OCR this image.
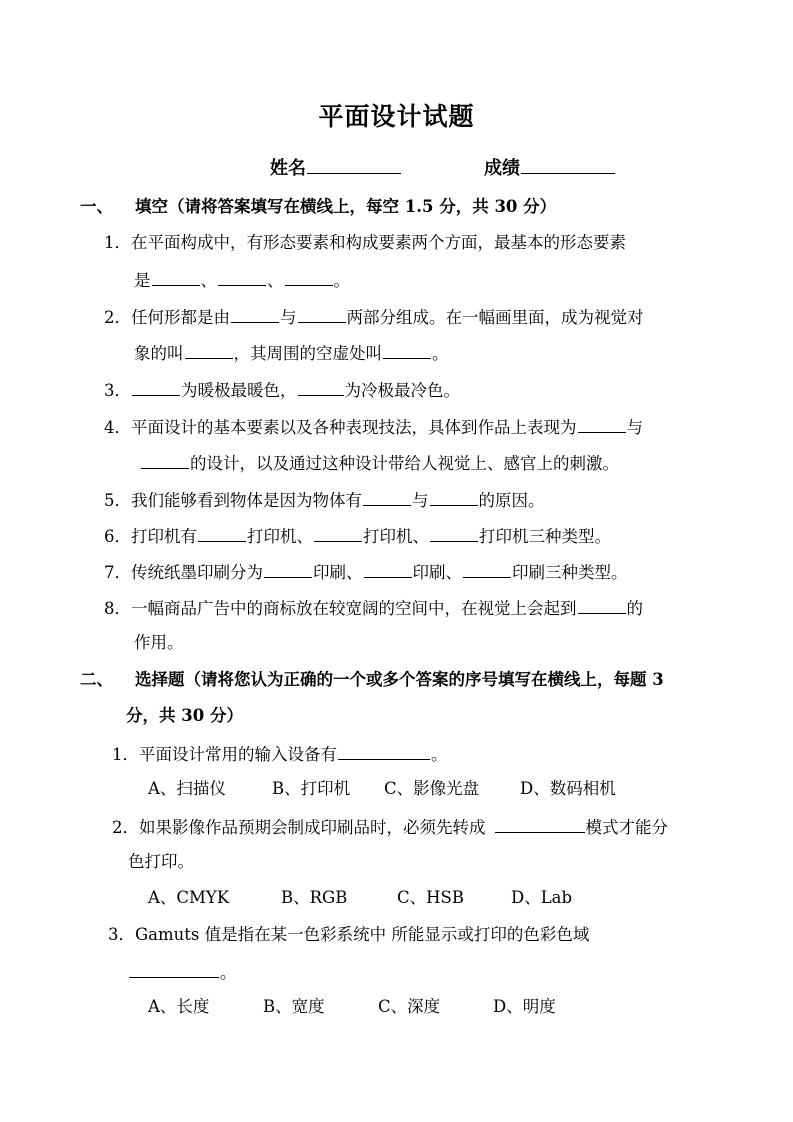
平面设计试题
姓名	成绩
一、 填空（请将答案填写在横线上，每空 1.5 分，共 30 分）
1．在平面构成中，有形态要素和构成要素两个方面，最基本的形态要素
是	、	、	。
2．任何形都是由	与	两部分组成。在一幅画里面，成为视觉对
象的叫	，其周围的空虚处叫	。
3．	为暖极最暖色，	为冷极最冷色。
4．平面设计的基本要素以及各种表现技法，具体到作品上表现为	与
的设计，以及通过这种设计带给人视觉上、感官上的刺激。
5．我们能够看到物体是因为物体有	与	的原因。
6．打印机有	打印机、	打印机、	打印机三种类型。
7．传统纸墨印刷分为	印刷、	印刷、	印刷三种类型。
8．一幅商品广告中的商标放在较宽阔的空间中，在视觉上会起到	的
作用。
二、 选择题（请将您认为正确的一个或多个答案的序号填写在横线上，每题 3
分，共 30 分）
1．平面设计常用的输入设备有	。
A、扫描仪	B、打印机 C、影像光盘 D、数码相机
2．如果影像作品预期会制成印刷品时，必须先转成	模式才能分
色打印。
A、CMYK	B、RGB	C、HSB	D、Lab
3．Gamuts 值是指在某一色彩系统中 所能显示或打印的色彩色域
。
A、长度	B、宽度	C、深度	D、明度
